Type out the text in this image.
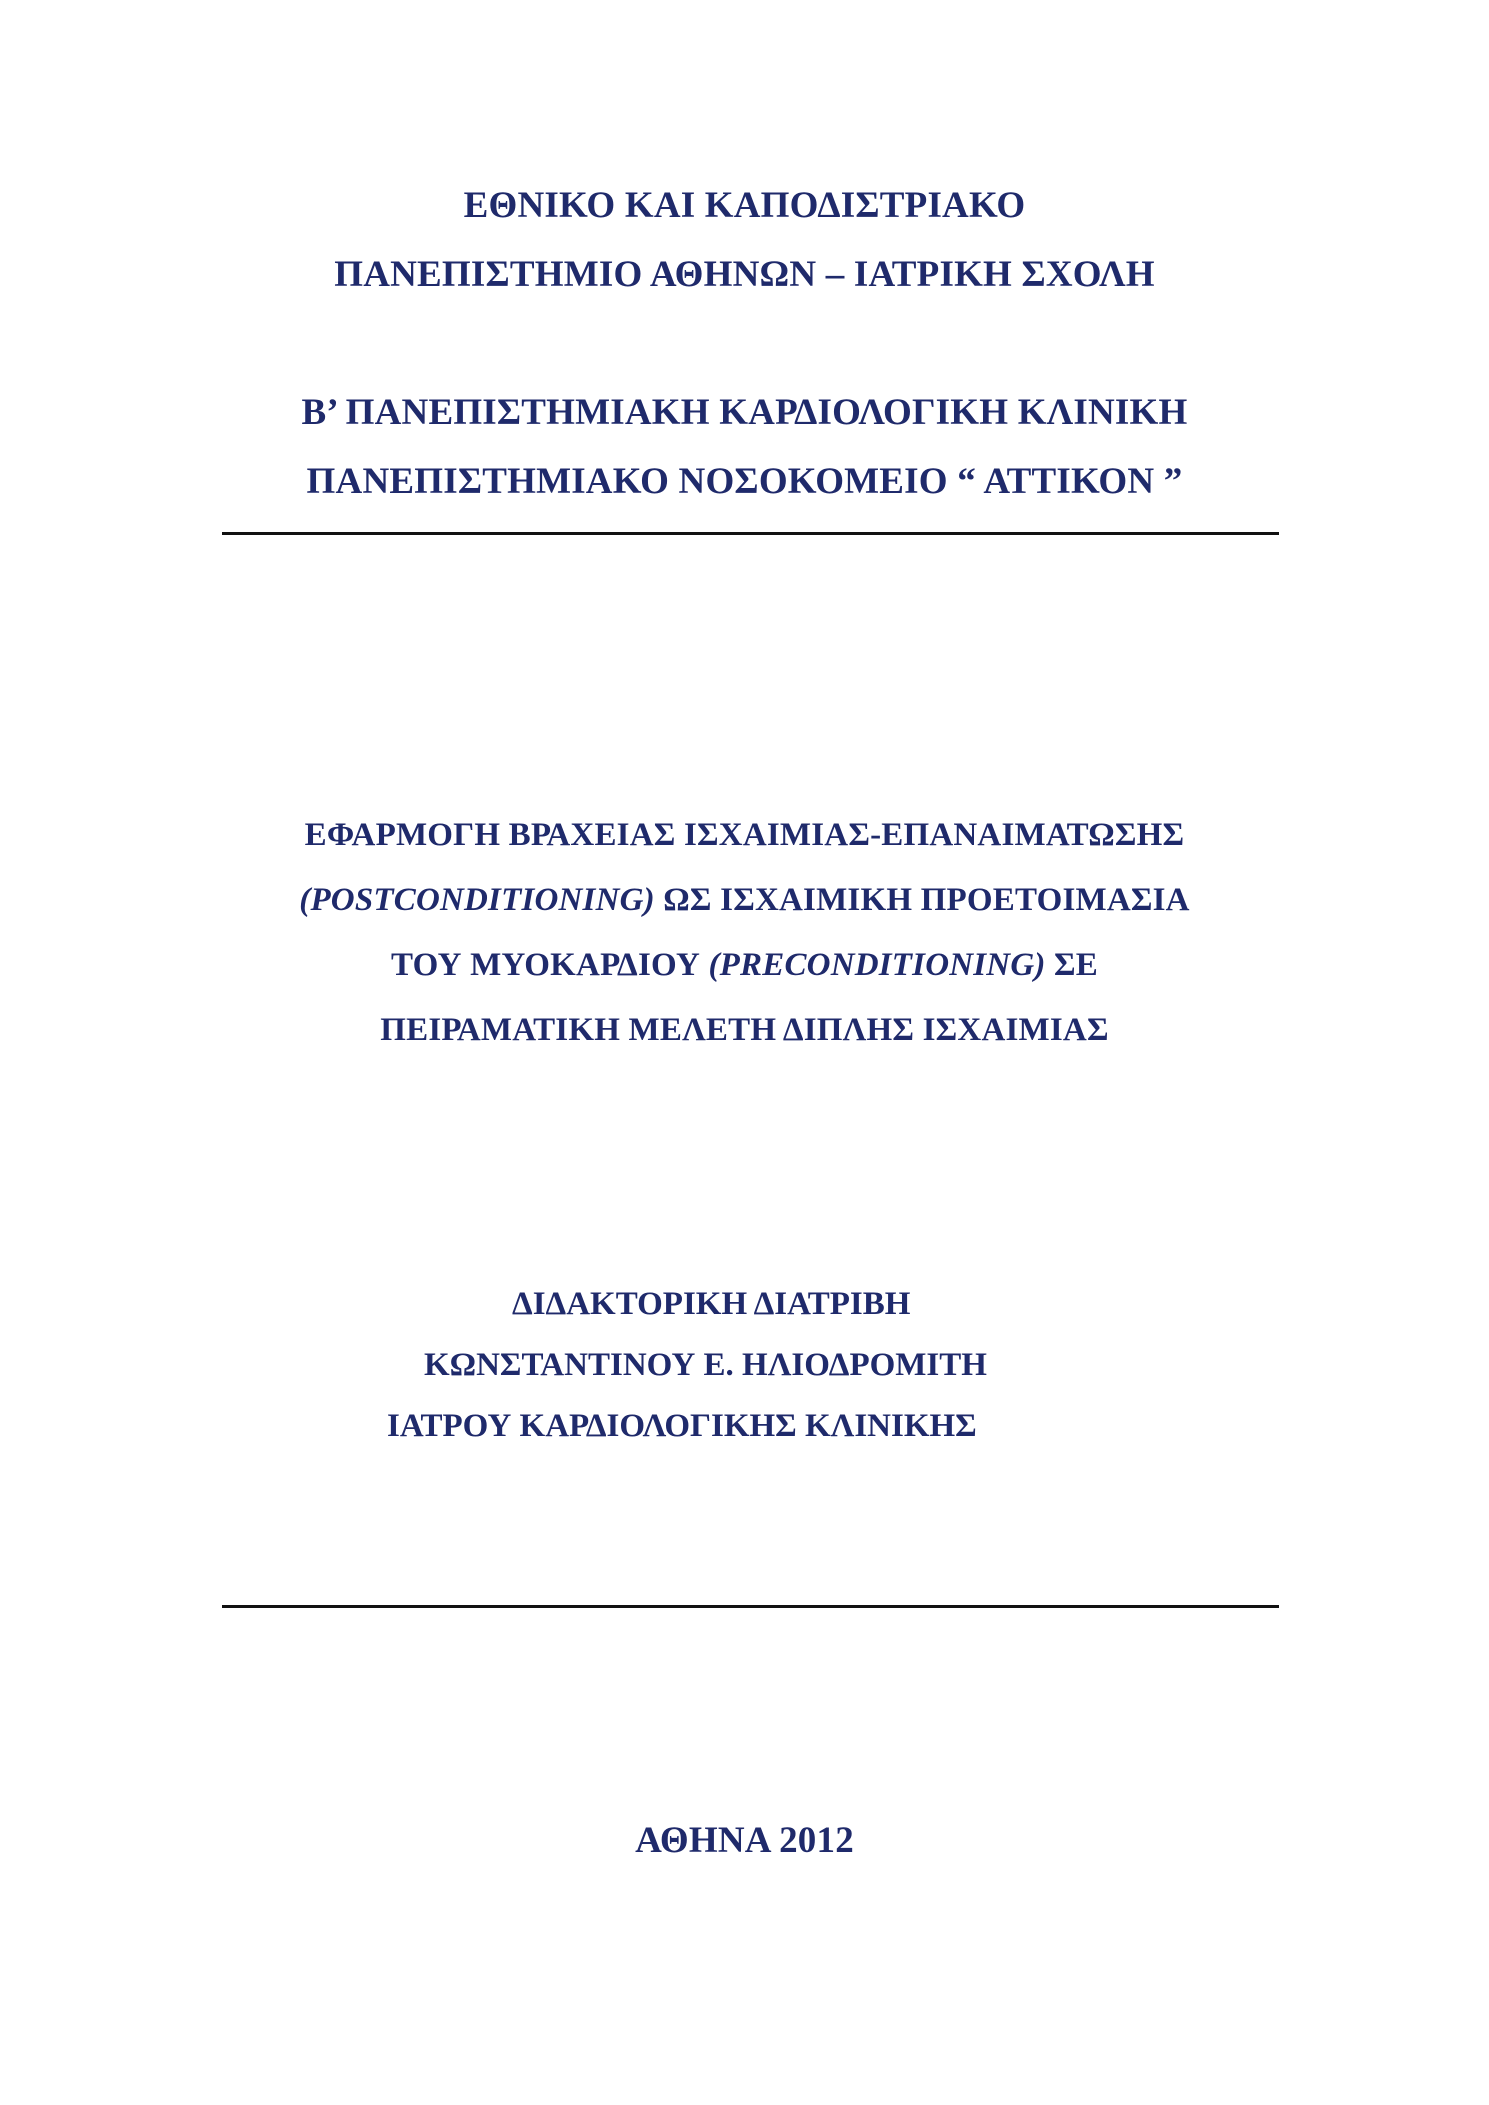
ΕΘΝΙΚΟ ΚΑΙ ΚΑΠΟΔΙΣΤΡΙΑΚΟ
ΠΑΝΕΠΙΣΤΗΜΙΟ ΑΘΗΝΩΝ – ΙΑΤΡΙΚΗ ΣΧΟΛΗ
Β’ ΠΑΝΕΠΙΣΤΗΜΙΑΚΗ ΚΑΡΔΙΟΛΟΓΙΚΗ ΚΛΙΝΙΚΗ
ΠΑΝΕΠΙΣΤΗΜΙΑΚΟ ΝΟΣΟΚΟΜΕΙΟ “ ΑΤΤΙΚΟΝ ”
ΕΦΑΡΜΟΓΗ ΒΡΑΧΕΙΑΣ ΙΣΧΑΙΜΙΑΣ-ΕΠΑΝΑΙΜΑΤΩΣΗΣ
(POSTCONDITIONING) ΩΣ ΙΣΧΑΙΜΙΚΗ ΠΡΟΕΤΟΙΜΑΣΙΑ
ΤΟΥ ΜΥΟΚΑΡΔΙΟΥ (PRECONDITIONING) ΣΕ
ΠΕΙΡΑΜΑΤΙΚΗ ΜΕΛΕΤΗ ΔΙΠΛΗΣ ΙΣΧΑΙΜΙΑΣ
ΔΙΔΑΚΤΟΡΙΚΗ ΔΙΑΤΡΙΒΗ
ΚΩΝΣΤΑΝΤΙΝΟΥ Ε. ΗΛΙΟΔΡΟΜΙΤΗ
ΙΑΤΡΟΥ ΚΑΡΔΙΟΛΟΓΙΚΗΣ ΚΛΙΝΙΚΗΣ
ΑΘΗΝΑ 2012
